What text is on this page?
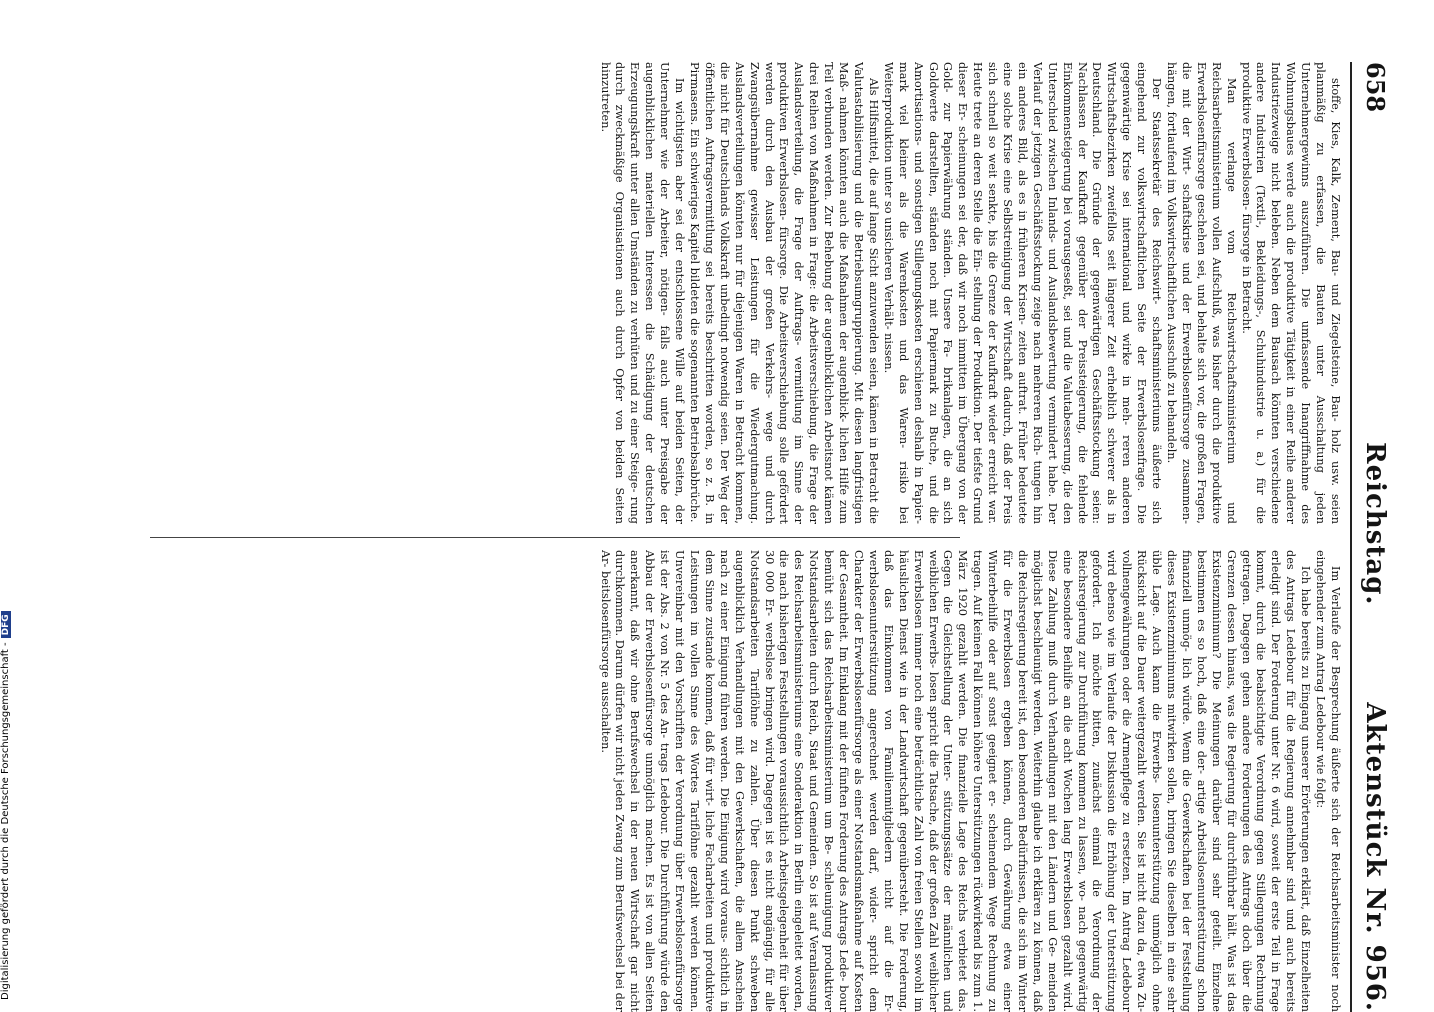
658
Reichstag.
Aktenstück Nr. 956.

stoffe, Kies, Kalk, Zement, Bau- und Ziegelsteine, Bau- holz usw. seien planmäßig zu erfassen, die Bauten unter Ausschaltung jeden Unternehmergewinns auszuführen. Die umfassende Inangriffnahme des Wohnungsbaues werde auch die produktive Tätigkeit in einer Reihe anderer Industriezweige nicht beleben. Neben dem Bausach könnten verschiedene andere Industrien (Textil-, Bekleidungs-, Schuhindustrie u. a.) für die produktive Erwerbslosen- fürsorge in Betracht.

Man verlange vom Reichswirtschaftsministerium und Reichsarbeitsministerium vollen Aufschluß, was bisher durch die produktive Erwerbslosenfürsorge geschehen sei, und behalte sich vor, die großen Fragen, die mit der Wirt- schaftskrise und der Erwerbslosenfürsorge zusammen- hängen, fortlaufend im Volkswirtschaftlichen Ausschuß zu behandeln.

Der Staatssekretär des Reichswirt- schaftsministeriums äußerte sich eingehend zur volkswirtschaftlichen Seite der Erwerbslosenfrage. Die gegenwärtige Krise sei international und wirke in meh- reren anderen Wirtschaftsbezirken zweifellos seit längerer Zeit erheblich schwerer als in Deutschland. Die Gründe der gegenwärtigen Geschäftsstockung seien: Nachlassen der Kaufkraft gegenüber der Preissteigerung, die fehlende Einkommensteigerung bei vorausgeseßt, sei und die Valutabesserung, die den Unterschied zwischen Inlands- und Auslandsbewertung vermindert habe. Der Verlauf der jetzigen Geschäftsstockung zeige nach mehreren Rich- tungen hin ein anderes Bild, als es in früheren Krisen- zeiten auftrat. Früher bedeutete eine solche Krise eine Selbstreinigung der Wirtschaft dadurch, daß der Preis sich schnell so weit senkte, bis die Grenze der Kaufkraft wieder erreicht war. Heute trete an deren Stelle die Ein- stellung der Produktion. Der tiefste Grund dieser Er- scheinungen sei der, daß wir noch immitten im Übergang von der Gold- zur Papierwährung ständen. Unsere Fa- brikanlagen, die an sich Goldwerte darstellten, ständen noch mit Papiermark zu Buche, und die Amortisations- und sonstigen Stillegungskosten erschienen deshalb in Papier- mark viel kleiner als die Warenkosten und das Waren- risiko bei Weiterproduktion unter so unsicheren Verhält- nissen.

Als Hilfsmittel, die auf lange Sicht anzuwenden seien, kämen in Betracht die Valutastabilisierung und die Betriebsumgruppierung. Mit diesen langfristigen Maß- nahmen könnten auch die Maßnahmen der augenblick- lichen Hilfe zum Teil verbunden werden. Zur Behebung der augenblicklichen Arbeitsnot kämen drei Reihen von Maßnahmen in Frage: die Arbeitsverschiebung, die Frage der Auslandsverteilung, die Frage der Auftrags- vermittlung im Sinne der produktiven Erwerbslosen- fürsorge. Die Arbeitsverschiebung solle gefördert werden durch den Ausbau der großen Verkehrs- wege und durch Zwangsübernahme gewisser Leistungen für die Wiedergutmachung. Auslandsverteilungen könnten nur für diejenigen Waren in Betracht kommen, die nicht für Deutschlands Volkskraft unbedingt notwendig seien. Der Weg der öffentlichen Auftragsvermittlung sei bereits beschritten worden, so z. B. in Pirmasens. Ein schwieriges Kapitel bildeten die sogenannten Betriebsabbrüche.

Im wichtigsten aber sei der entschlossene Wille auf beiden Seiten, der Unternehmer wie der Arbeiter, nötigen- falls auch unter Preisgabe der augenblicklichen materiellen Interessen die Schädigung der deutschen Erzeugungskraft unter allen Umständen zu verhüten und zu einer Steige- rung durch zweckmäßige Organisationen auch durch Opfer von beiden Seiten hinzutreten.

Im Verlaufe der Besprechung äußerte sich der Reichsarbeitsminister noch eingehender zum Antrag Ledebour wie folgt:

Ich habe bereits zu Eingang unserer Erörterungen erklärt, daß Einzelheiten des Antrags Ledebour für die Regierung annehmbar sind und auch bereits erledigt sind. Der Forderung unter Nr. 6 wird, soweit der erste Teil in Frage kommt, durch die beabsichtigte Verordnung gegen Stillegungen Rechnung getragen. Dagegen gehen andere Forderungen des Antrags doch über die Grenzen dessen hinaus, was die Regierung für durchführbar hält. Was ist das Existenzminimum? Die Meinungen darüber sind sehr geteilt. Einzelne bestimmen es so hoch, daß eine der- artige Arbeitslosenunterstützung schon finanziell unmög- lich würde. Wenn die Gewerkschaften bei der Feststellung dieses Existenzminimums mitwirken sollen, bringen Sie dieselben in eine sehr üble Lage. Auch kann die Erwerbs- losenunterstützung unmöglich ohne Rücksicht auf die Dauer weitergezahlt werden. Sie ist nicht dazu da, etwa Zu- vollnengewährungen oder die Armenpflege zu ersetzen. Im Antrag Ledebour wird ebenso wie im Verlaufe der Diskussion die Erhöhung der Unterstützung gefordert. Ich möchte bitten, zunächst einmal die Verordnung der Reichsregierung zur Durchführung kommen zu lassen, wo- nach gegenwärtig eine besondere Beihilfe an die acht Wochen lang Erwerbslosen gezahlt wird. Diese Zahlung muß durch Verhandlungen mit den Ländern und Ge- meinden möglichst beschleunigt werden. Weiterhin glaube ich erklären zu können, daß die Reichsregierung bereit ist, den besonderen Bedürfnissen, die sich im Winter für die Erwerbslosen ergeben können, durch Gewährung etwa einer Winterbeihilfe oder auf sonst geeignet er- scheinendem Wege Rechnung zu tragen. Auf keinen Fall können höhere Unterstützungen rückwirkend bis zum 1. März 1920 gezahlt werden. Die finanzielle Lage des Reichs verbietet das. Gegen die Gleichstellung der Unter- stützungssätze der männlichen und weiblichen Erwerbs- losen spricht die Tatsache, daß der großen Zahl weiblicher Erwerbslosen immer noch eine beträchtliche Zahl von freien Stellen sowohl im häuslichen Dienst wie in der Landwirtschaft gegenübersteht. Die Forderung, daß das Einkommen von Familienmitgliedern nicht auf die Er- werbslosenunterstützung angerechnet werden darf, wider- spricht dem Charakter der Erwerbslosenfürsorge als einer Notstandsmaßnahme auf Kosten der Gesamtheit. Im Einklang mit der fünften Forderung des Antrags Lede- bour bemüht sich das Reichsarbeitsministerium um Be- schleunigung produktiver Notstandsarbeiten durch Reich, Staat und Gemeinden. So ist auf Veranlassung des Reichsarbeitsministeriums eine Sonderaktion in Berlin eingeleitet worden, die nach bisherigen Feststellungen voraussichtlich Arbeitsgelegenheit für über 30 000 Er- werbslose bringen wird. Dagegen ist es nicht angängig, für alle Notstandsarbeiten Tariflöhne zu zahlen. Über diesen Punkt schweben augenblicklich Verhandlungen mit den Gewerkschaften, die allem Anschein nach zu einer Einigung führen werden. Die Einigung wird voraus- sichtlich in dem Sinne zustande kommen, daß für wirt- liche Facharbeiten und produktive Leistungen im vollen Sinne des Wortes Tariflöhne gezahlt werden können. Unvereinbar mit den Vorschriften der Verordnung über Erwerbslosenfürsorge ist der Abs. 2 von Nr. 5 des An- trags Ledebour. Die Durchführung würde den Abbau der Erwerbslosenfürsorge unmöglich machen. Es ist von allen Seiten anerkannt, daß wir ohne Berufswechsel in der neuen Wirtschaft gar nicht durchkommen. Darum dürfen wir nicht jeden Zwang zum Berufswechsel bei der Ar- beitslosenfürsorge ausschalten.

Digitalisierung gefördert durch die Deutsche Forschungsgemeinschaft -DFG
